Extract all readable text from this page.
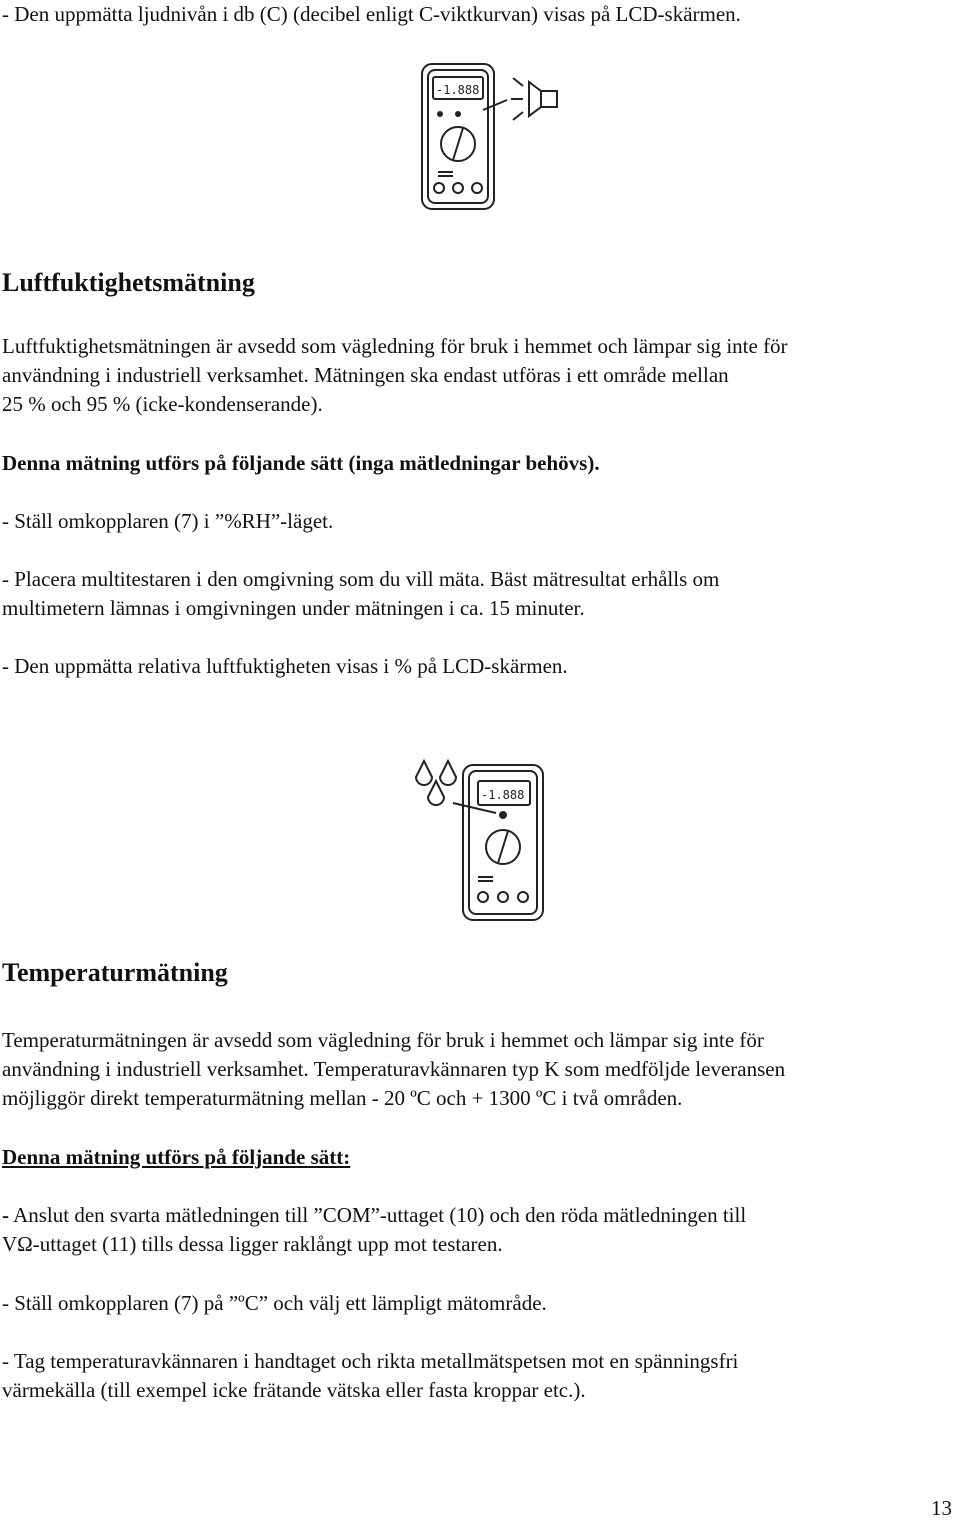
- Den uppmätta ljudnivån i db (C) (decibel enligt C-viktkurvan) visas på LCD-skärmen.

-1.888
Luftfuktighetsmätning

Luftfuktighetsmätningen är avsedd som vägledning för bruk i hemmet och lämpar sig inte för

användning i industriell verksamhet. Mätningen ska endast utföras i ett område mellan

25 % och 95 % (icke-kondenserande).

Denna mätning utförs på följande sätt (inga mätledningar behövs).

- Ställ omkopplaren (7) i ”%RH”-läget.

- Placera multitestaren i den omgivning som du vill mäta. Bäst mätresultat erhålls om

multimetern lämnas i omgivningen under mätningen i ca. 15 minuter.

- Den uppmätta relativa luftfuktigheten visas i % på LCD-skärmen.

-1.888
Temperaturmätning

Temperaturmätningen är avsedd som vägledning för bruk i hemmet och lämpar sig inte för

användning i industriell verksamhet. Temperaturavkännaren typ K som medföljde leveransen

möjliggör direkt temperaturmätning mellan - 20 ºC och + 1300 ºC i två områden.

Denna mätning utförs på följande sätt:

- Anslut den svarta mätledningen till ”COM”-uttaget (10) och den röda mätledningen till

VΩ-uttaget (11) tills dessa ligger raklångt upp mot testaren.

- Ställ omkopplaren (7) på ”ºC” och välj ett lämpligt mätområde.

- Tag temperaturavkännaren i handtaget och rikta metallmätspetsen mot en spänningsfri

värmekälla (till exempel icke frätande vätska eller fasta kroppar etc.).

13
